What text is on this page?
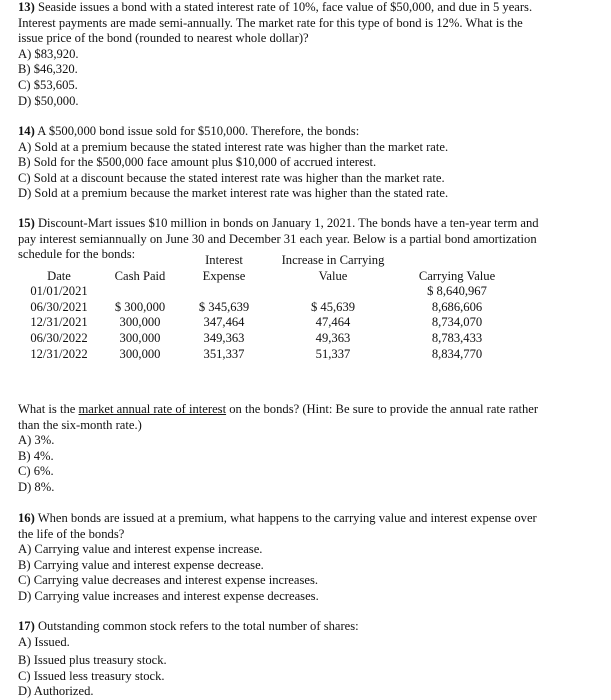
13) Seaside issues a bond with a stated interest rate of 10%, face value of $50,000, and due in 5 years.
Interest payments are made semi-annually. The market rate for this type of bond is 12%. What is the
issue price of the bond (rounded to nearest whole dollar)?
A) $83,920.
B) $46,320.
C) $53,605.
D) $50,000.
14) A $500,000 bond issue sold for $510,000. Therefore, the bonds:
A) Sold at a premium because the stated interest rate was higher than the market rate.
B) Sold for the $500,000 face amount plus $10,000 of accrued interest.
C) Sold at a discount because the stated interest rate was higher than the market rate.
D) Sold at a premium because the market interest rate was higher than the stated rate.
15) Discount-Mart issues $10 million in bonds on January 1, 2021. The bonds have a ten-year term and
pay interest semiannually on June 30 and December 31 each year. Below is a partial bond amortization
schedule for the bonds:
			Interest	Increase in Carrying	
Date	Cash Paid	Expense	Value	Carrying Value
01/01/2021				$ 8,640,967
06/30/2021	$ 300,000	$ 345,639	$ 45,639	8,686,606
12/31/2021	300,000	347,464	47,464	8,734,070
06/30/2022	300,000	349,363	49,363	8,783,433
12/31/2022	300,000	351,337	51,337	8,834,770
What is the market annual rate of interest on the bonds? (Hint: Be sure to provide the annual rate rather
than the six-month rate.)
A) 3%.
B) 4%.
C) 6%.
D) 8%.
16) When bonds are issued at a premium, what happens to the carrying value and interest expense over
the life of the bonds?
A) Carrying value and interest expense increase.
B) Carrying value and interest expense decrease.
C) Carrying value decreases and interest expense increases.
D) Carrying value increases and interest expense decreases.
17) Outstanding common stock refers to the total number of shares:
A) Issued.
B) Issued plus treasury stock.
C) Issued less treasury stock.
D) Authorized.
